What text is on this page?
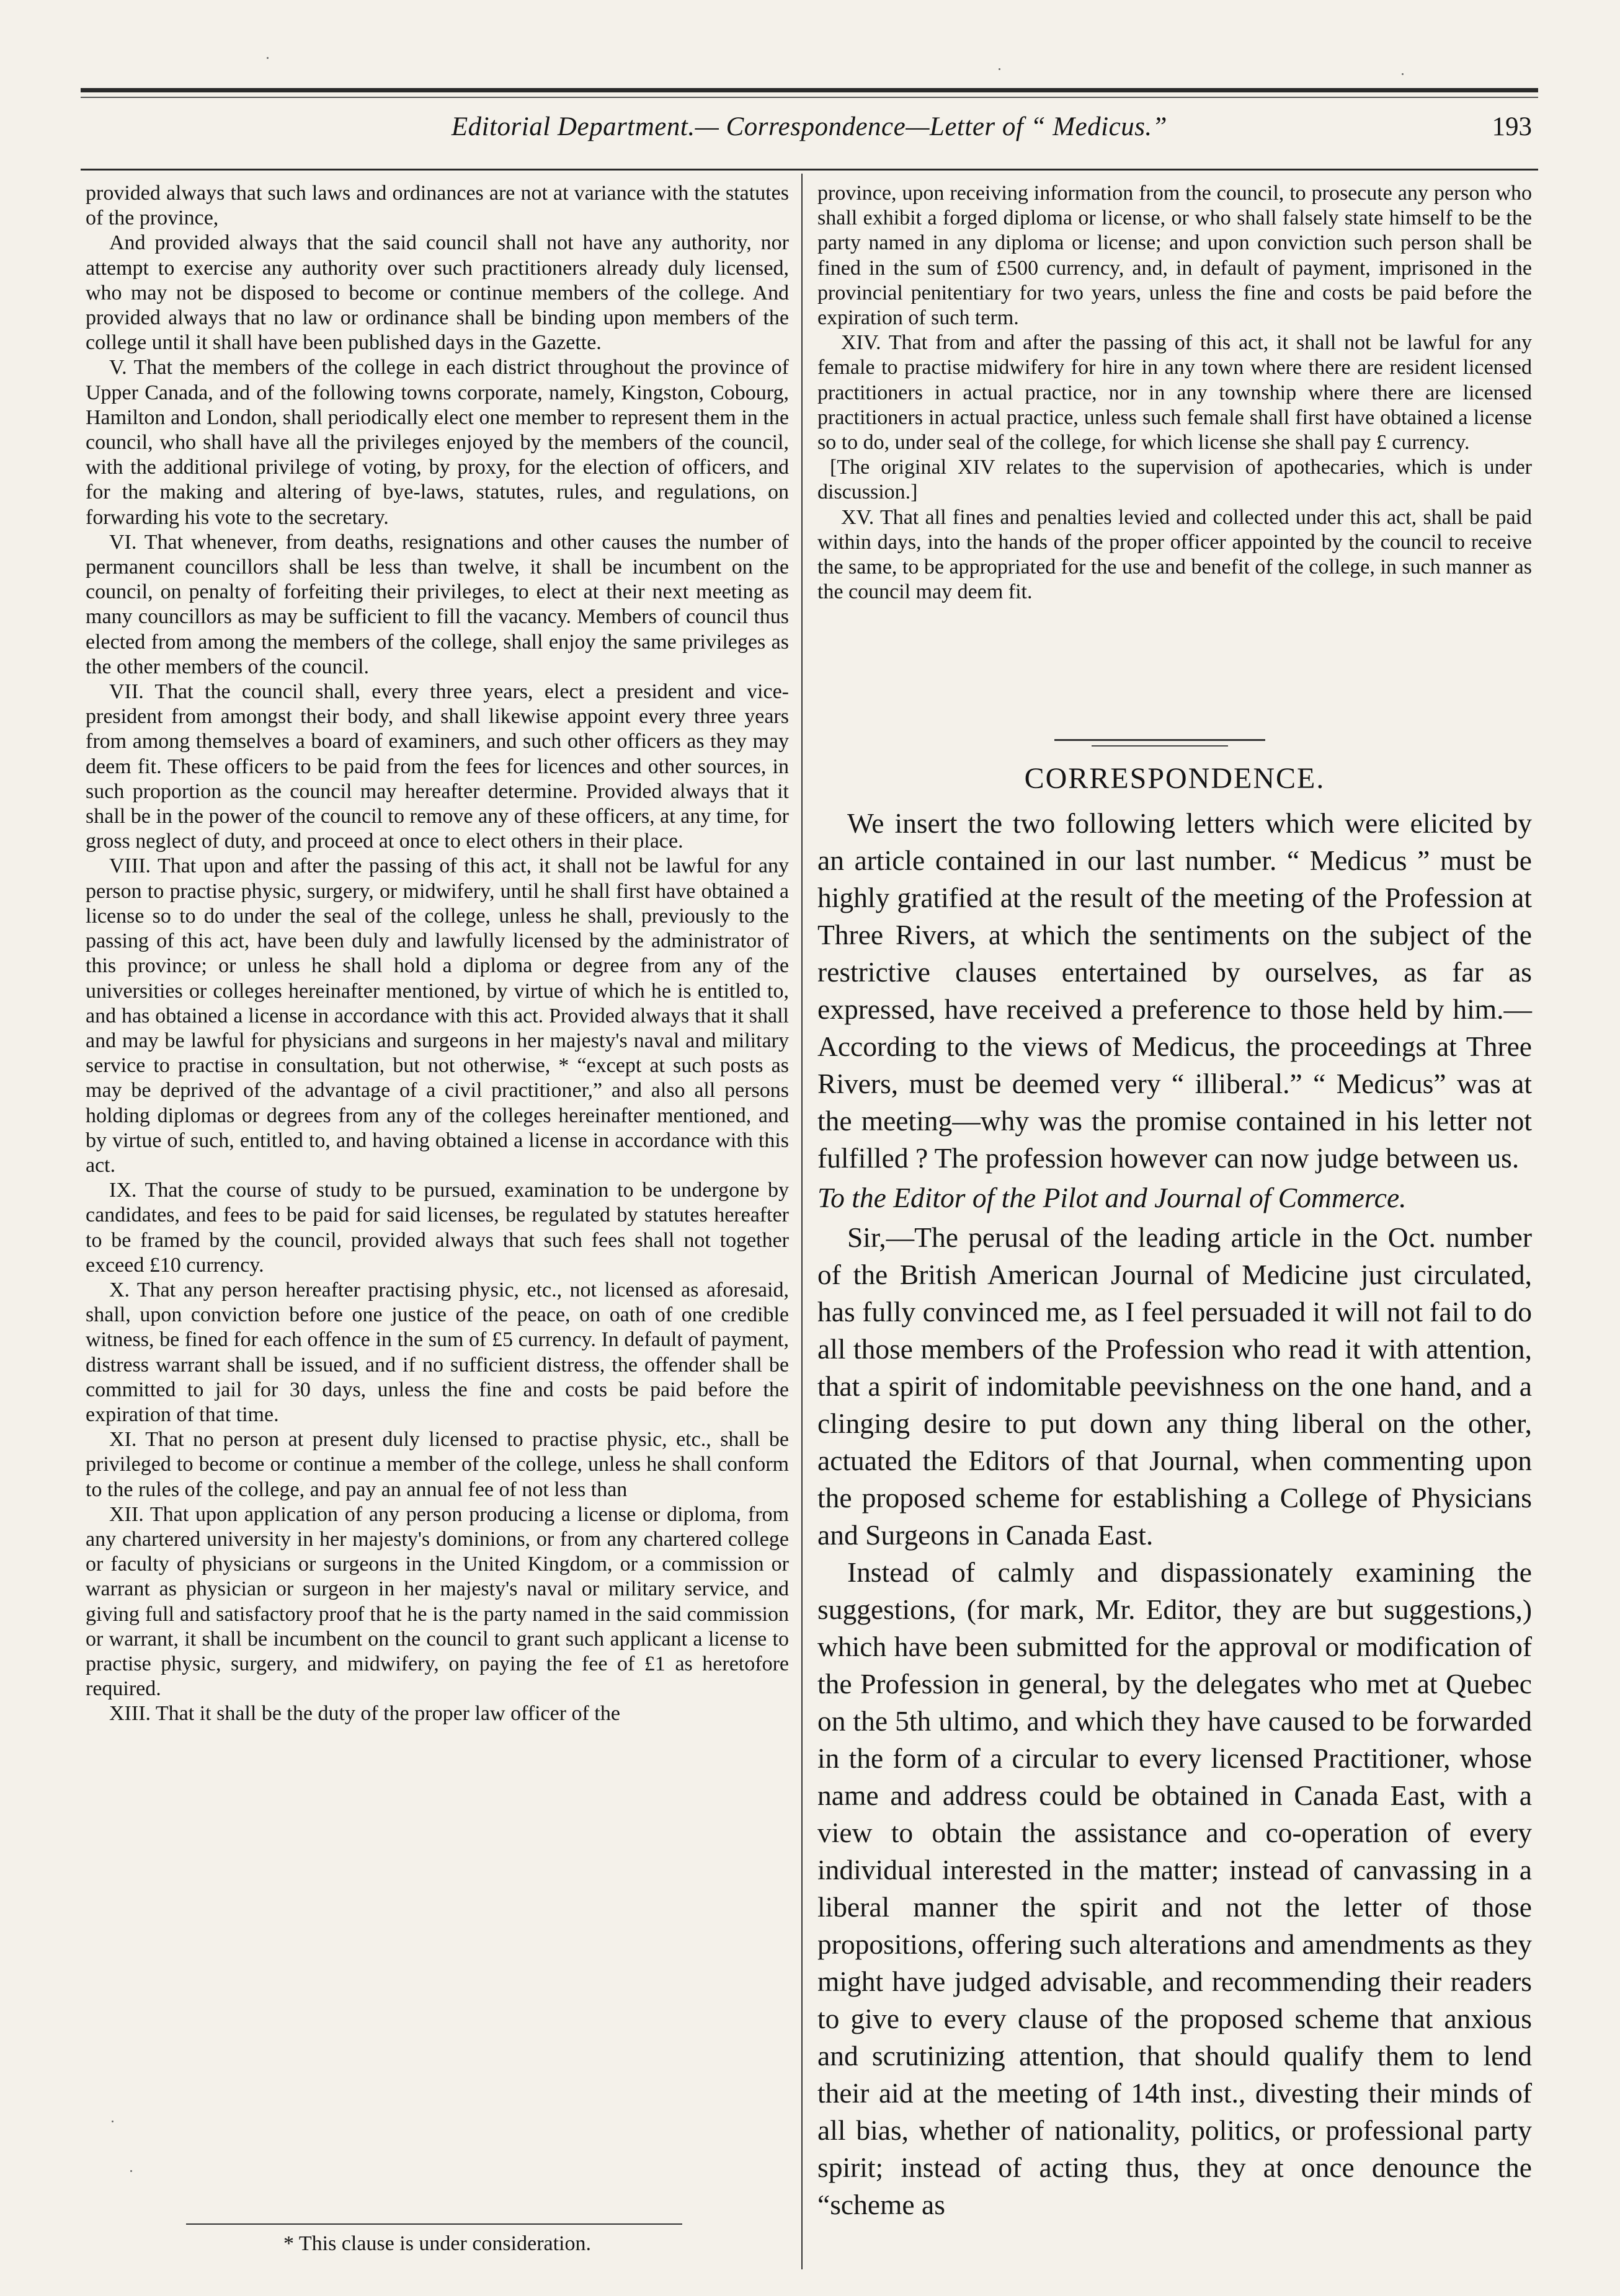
Editorial Department.— Correspondence—Letter of “ Medicus.”	193

provided always that such laws and ordinances are not at variance with the statutes of the province,

And provided always that the said council shall not have any authority, nor attempt to exercise any authority over such practitioners already duly licensed, who may not be disposed to become or continue members of the college. And provided always that no law or ordinance shall be binding upon members of the college until it shall have been published days in the Gazette.

V. That the members of the college in each district throughout the province of Upper Canada, and of the following towns corporate, namely, Kingston, Cobourg, Hamilton and London, shall periodically elect one member to represent them in the council, who shall have all the privileges enjoyed by the members of the council, with the additional privilege of voting, by proxy, for the election of officers, and for the making and altering of bye-laws, statutes, rules, and regulations, on forwarding his vote to the secretary.

VI. That whenever, from deaths, resignations and other causes the number of permanent councillors shall be less than twelve, it shall be incumbent on the council, on penalty of forfeiting their privileges, to elect at their next meeting as many councillors as may be sufficient to fill the vacancy. Members of council thus elected from among the members of the college, shall enjoy the same privileges as the other members of the council.

VII. That the council shall, every three years, elect a president and vice-president from amongst their body, and shall likewise appoint every three years from among themselves a board of examiners, and such other officers as they may deem fit. These officers to be paid from the fees for licences and other sources, in such proportion as the council may hereafter determine. Provided always that it shall be in the power of the council to remove any of these officers, at any time, for gross neglect of duty, and proceed at once to elect others in their place.

VIII. That upon and after the passing of this act, it shall not be lawful for any person to practise physic, surgery, or midwifery, until he shall first have obtained a license so to do under the seal of the college, unless he shall, previously to the passing of this act, have been duly and lawfully licensed by the administrator of this province; or unless he shall hold a diploma or degree from any of the universities or colleges hereinafter mentioned, by virtue of which he is entitled to, and has obtained a license in accordance with this act. Provided always that it shall and may be lawful for physicians and surgeons in her majesty's naval and military service to practise in consultation, but not otherwise, * “except at such posts as may be deprived of the advantage of a civil practitioner,” and also all persons holding diplomas or degrees from any of the colleges hereinafter mentioned, and by virtue of such, entitled to, and having obtained a license in accordance with this act.

IX. That the course of study to be pursued, examination to be undergone by candidates, and fees to be paid for said licenses, be regulated by statutes hereafter to be framed by the council, provided always that such fees shall not together exceed £10 currency.

X. That any person hereafter practising physic, etc., not licensed as aforesaid, shall, upon conviction before one justice of the peace, on oath of one credible witness, be fined for each offence in the sum of £5 currency. In default of payment, distress warrant shall be issued, and if no sufficient distress, the offender shall be committed to jail for 30 days, unless the fine and costs be paid before the expiration of that time.

XI. That no person at present duly licensed to practise physic, etc., shall be privileged to become or continue a member of the college, unless he shall conform to the rules of the college, and pay an annual fee of not less than

XII. That upon application of any person producing a license or diploma, from any chartered university in her majesty's dominions, or from any chartered college or faculty of physicians or surgeons in the United Kingdom, or a commission or warrant as physician or surgeon in her majesty's naval or military service, and giving full and satisfactory proof that he is the party named in the said commission or warrant, it shall be incumbent on the council to grant such applicant a license to practise physic, surgery, and midwifery, on paying the fee of £1 as heretofore required.

XIII. That it shall be the duty of the proper law officer of the

* This clause is under consideration.

province, upon receiving information from the council, to prosecute any person who shall exhibit a forged diploma or license, or who shall falsely state himself to be the party named in any diploma or license; and upon conviction such person shall be fined in the sum of £500 currency, and, in default of payment, imprisoned in the provincial penitentiary for two years, unless the fine and costs be paid before the expiration of such term.

XIV. That from and after the passing of this act, it shall not be lawful for any female to practise midwifery for hire in any town where there are resident licensed practitioners in actual practice, nor in any township where there are licensed practitioners in actual practice, unless such female shall first have obtained a license so to do, under seal of the college, for which license she shall pay £ currency.

[The original XIV relates to the supervision of apothecaries, which is under discussion.]

XV. That all fines and penalties levied and collected under this act, shall be paid within days, into the hands of the proper officer appointed by the council to receive the same, to be appropriated for the use and benefit of the college, in such manner as the council may deem fit.

CORRESPONDENCE.

We insert the two following letters which were elicited by an article contained in our last number. “ Medicus ” must be highly gratified at the result of the meeting of the Profession at Three Rivers, at which the sentiments on the subject of the restrictive clauses entertained by ourselves, as far as expressed, have received a preference to those held by him.—According to the views of Medicus, the proceedings at Three Rivers, must be deemed very “ illiberal.” “ Medicus” was at the meeting—why was the promise contained in his letter not fulfilled ? The profession however can now judge between us.

To the Editor of the Pilot and Journal of Commerce.

Sir,—The perusal of the leading article in the Oct. number of the British American Journal of Medicine just circulated, has fully convinced me, as I feel persuaded it will not fail to do all those members of the Profession who read it with attention, that a spirit of indomitable peevishness on the one hand, and a clinging desire to put down any thing liberal on the other, actuated the Editors of that Journal, when commenting upon the proposed scheme for establishing a College of Physicians and Surgeons in Canada East.

Instead of calmly and dispassionately examining the suggestions, (for mark, Mr. Editor, they are but suggestions,) which have been submitted for the approval or modification of the Profession in general, by the delegates who met at Quebec on the 5th ultimo, and which they have caused to be forwarded in the form of a circular to every licensed Practitioner, whose name and address could be obtained in Canada East, with a view to obtain the assistance and co-operation of every individual interested in the matter; instead of canvassing in a liberal manner the spirit and not the letter of those propositions, offering such alterations and amendments as they might have judged advisable, and recommending their readers to give to every clause of the proposed scheme that anxious and scrutinizing attention, that should qualify them to lend their aid at the meeting of 14th inst., divesting their minds of all bias, whether of nationality, politics, or professional party spirit; instead of acting thus, they at once denounce the “scheme as
